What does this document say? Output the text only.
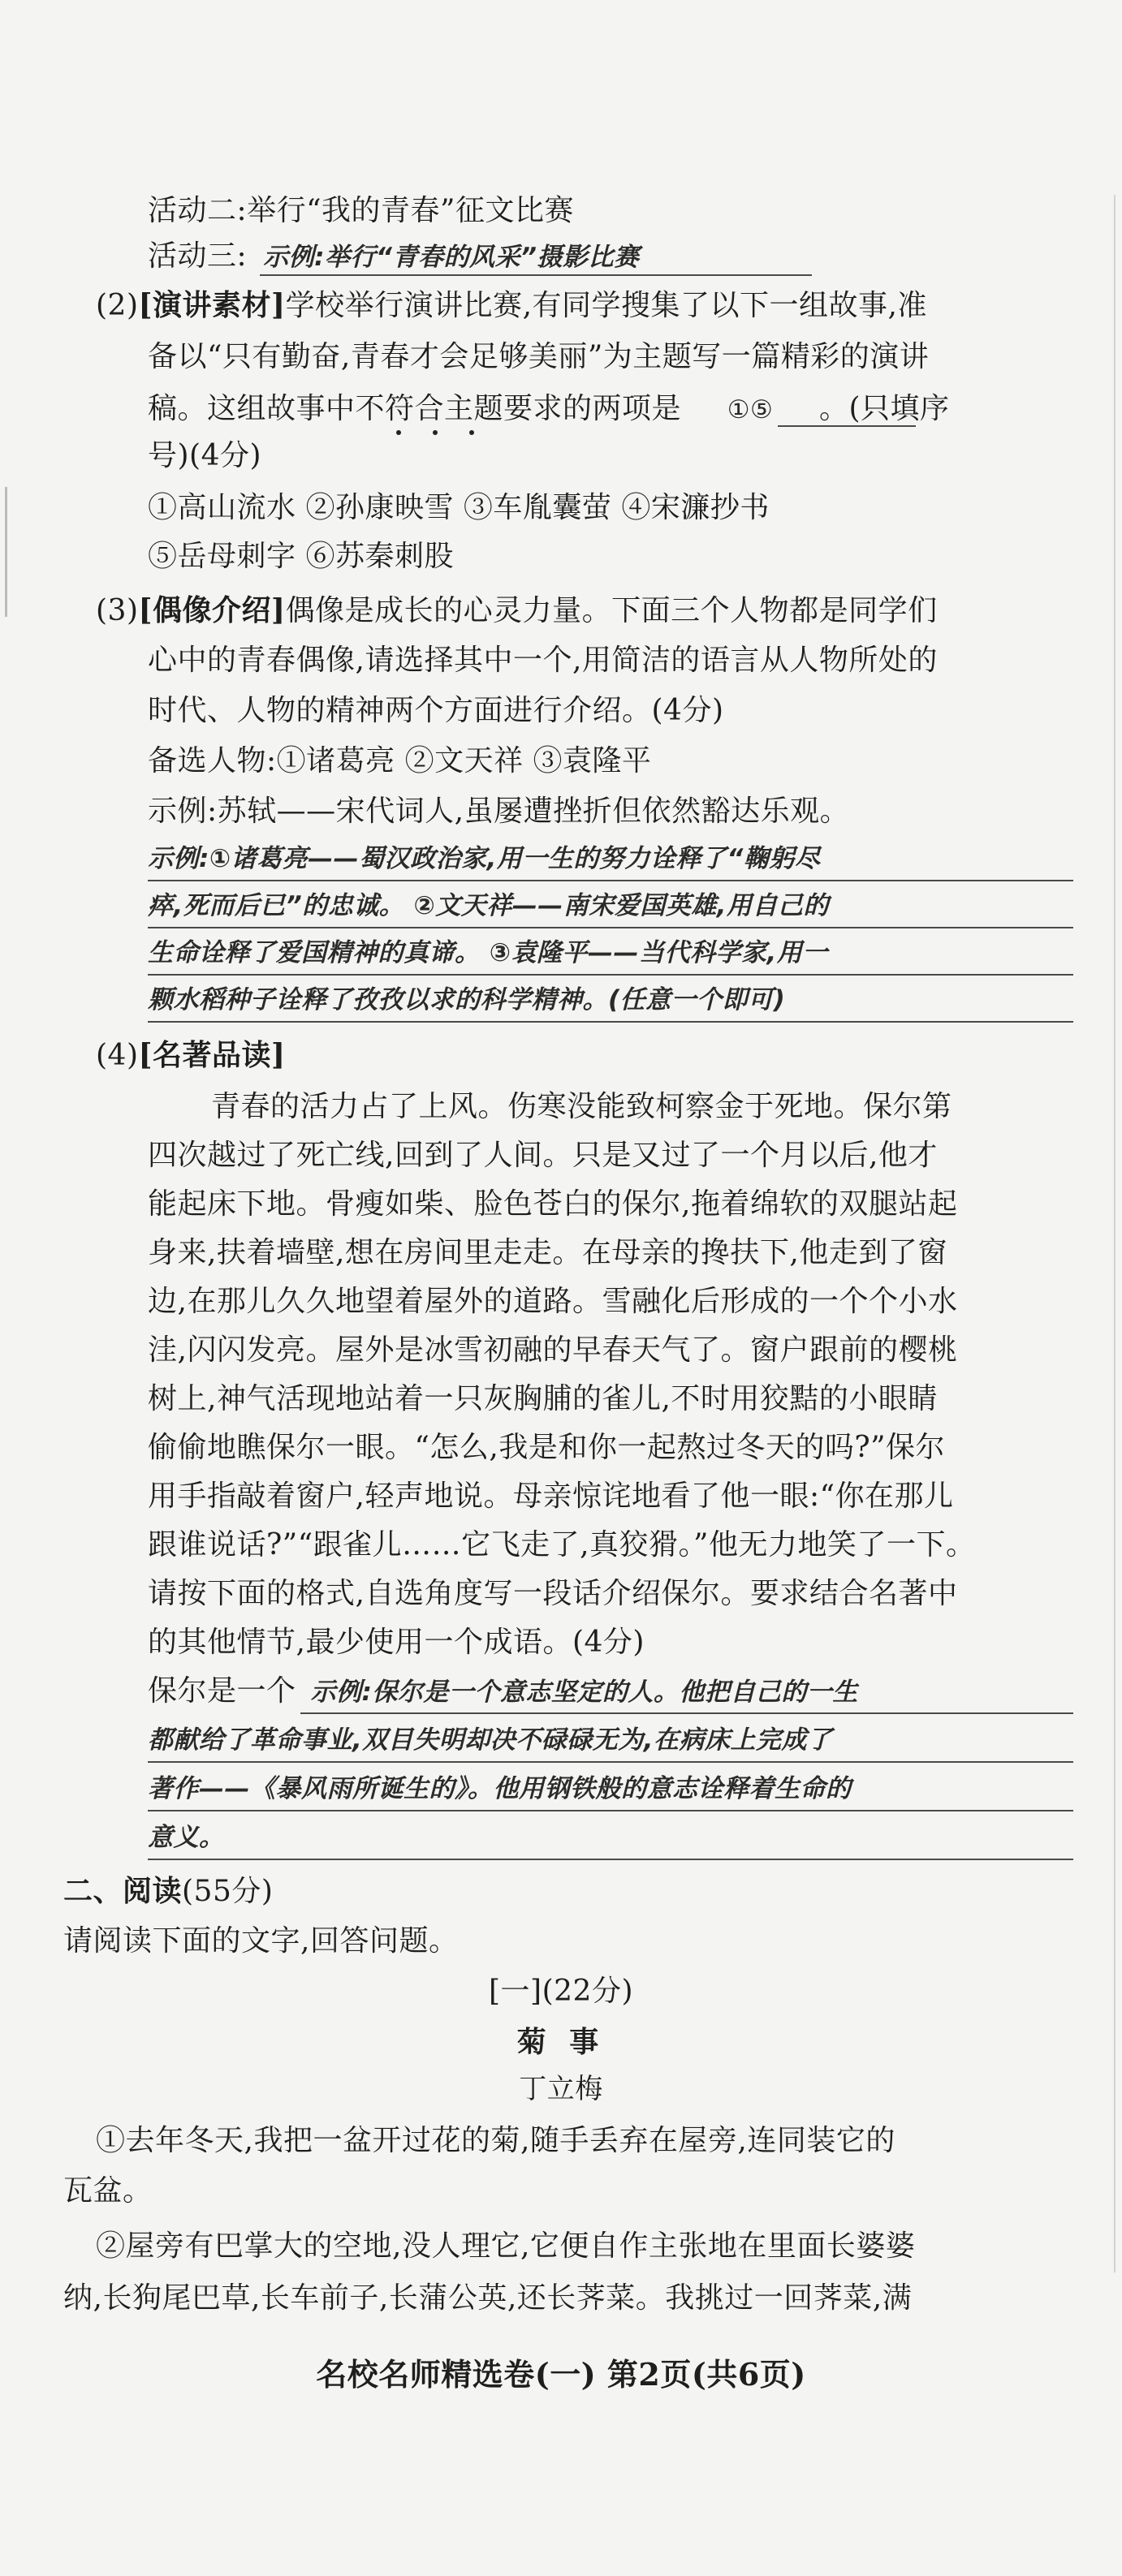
活动二:举行“我的青春”征文比赛
活动三: 示例:举行“青春的风采”摄影比赛
(2)[演讲素材]学校举行演讲比赛,有同学搜集了以下一组故事,准
备以“只有勤奋,青春才会足够美丽”为主题写一篇精彩的演讲
稿。这组故事中不符合主题要求的两项是 ①⑤ 。(只填序
号)(4分)
①高山流水 ②孙康映雪 ③车胤囊萤 ④宋濂抄书
⑤岳母刺字 ⑥苏秦刺股
(3)[偶像介绍]偶像是成长的心灵力量。下面三个人物都是同学们
心中的青春偶像,请选择其中一个,用简洁的语言从人物所处的
时代、人物的精神两个方面进行介绍。(4分)
备选人物:①诸葛亮 ②文天祥 ③袁隆平
示例:苏轼——宋代词人,虽屡遭挫折但依然豁达乐观。
示例:①诸葛亮——蜀汉政治家,用一生的努力诠释了“鞠躬尽
瘁,死而后已”的忠诚。 ②文天祥——南宋爱国英雄,用自己的
生命诠释了爱国精神的真谛。 ③袁隆平——当代科学家,用一
颗水稻种子诠释了孜孜以求的科学精神。(任意一个即可)
(4)[名著品读]
青春的活力占了上风。伤寒没能致柯察金于死地。保尔第
四次越过了死亡线,回到了人间。只是又过了一个月以后,他才
能起床下地。骨瘦如柴、脸色苍白的保尔,拖着绵软的双腿站起
身来,扶着墙壁,想在房间里走走。在母亲的搀扶下,他走到了窗
边,在那儿久久地望着屋外的道路。雪融化后形成的一个个小水
洼,闪闪发亮。屋外是冰雪初融的早春天气了。窗户跟前的樱桃
树上,神气活现地站着一只灰胸脯的雀儿,不时用狡黠的小眼睛
偷偷地瞧保尔一眼。“怎么,我是和你一起熬过冬天的吗?”保尔
用手指敲着窗户,轻声地说。母亲惊诧地看了他一眼:“你在那儿
跟谁说话?”“跟雀儿……它飞走了,真狡猾。”他无力地笑了一下。
请按下面的格式,自选角度写一段话介绍保尔。要求结合名著中
的其他情节,最少使用一个成语。(4分)
保尔是一个 示例:保尔是一个意志坚定的人。他把自己的一生
都献给了革命事业,双目失明却决不碌碌无为,在病床上完成了
著作——《暴风雨所诞生的》。他用钢铁般的意志诠释着生命的
意义。
二、阅读(55分)
请阅读下面的文字,回答问题。
[一](22分)
菊 事
丁立梅
①去年冬天,我把一盆开过花的菊,随手丢弃在屋旁,连同装它的
瓦盆。
②屋旁有巴掌大的空地,没人理它,它便自作主张地在里面长婆婆
纳,长狗尾巴草,长车前子,长蒲公英,还长荠菜。我挑过一回荠菜,满
名校名师精选卷(一) 第2页(共6页)
